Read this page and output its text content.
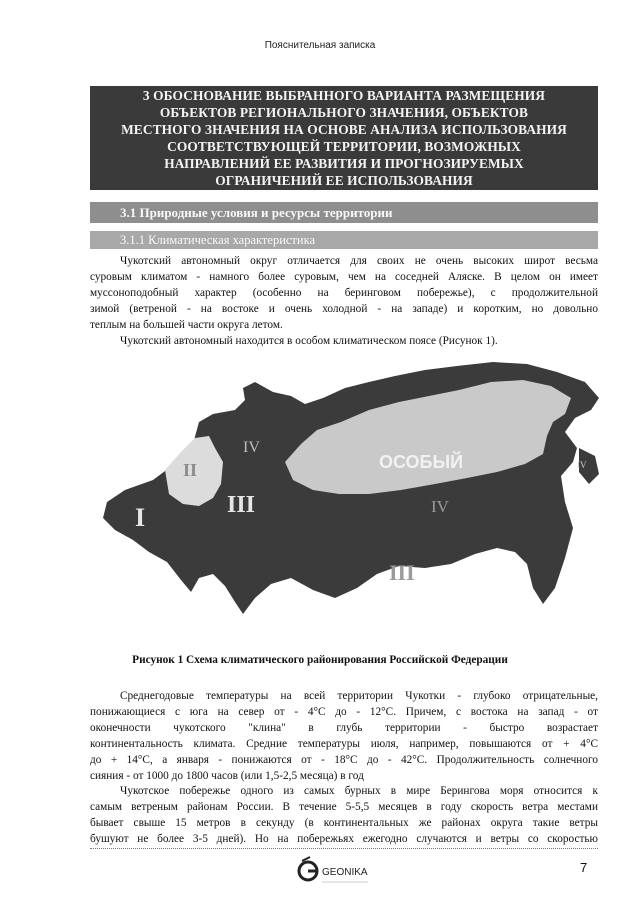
Пояснительная записка
3 ОБОСНОВАНИЕ ВЫБРАННОГО ВАРИАНТА РАЗМЕЩЕНИЯ
ОБЪЕКТОВ РЕГИОНАЛЬНОГО ЗНАЧЕНИЯ, ОБЪЕКТОВ
МЕСТНОГО ЗНАЧЕНИЯ НА ОСНОВЕ АНАЛИЗА ИСПОЛЬЗОВАНИЯ
СООТВЕТСТВУЮЩЕЙ ТЕРРИТОРИИ, ВОЗМОЖНЫХ
НАПРАВЛЕНИЙ ЕЕ РАЗВИТИЯ И ПРОГНОЗИРУЕМЫХ
ОГРАНИЧЕНИЙ ЕЕ ИСПОЛЬЗОВАНИЯ
3.1 Природные условия и ресурсы территории
3.1.1 Климатическая характеристика
Чукотский автономный округ отличается для своих не очень высоких широт весьма
суровым климатом - намного более суровым, чем на соседней Аляске. В целом он имеет
муссоноподобный характер (особенно на беринговом побережье), с продолжительной
зимой (ветреной - на востоке и очень холодной - на западе) и коротким, но довольно
теплым на большей части округа летом.
Чукотский автономный находится в особом климатическом поясе (Рисунок 1).
I
II
III
IV
ОСОБЫЙ
IV
III
IV
Рисунок 1 Схема климатического районирования Российской Федерации
Среднегодовые температуры на всей территории Чукотки - глубоко отрицательные,
понижающиеся с юга на север от - 4°С до - 12°С. Причем, с востока на запад - от
оконечности чукотского "клина" в глубь территории - быстро возрастает
континентальность климата. Средние температуры июля, например, повышаются от + 4°С
до + 14°С, а января - понижаются от - 18°С до - 42°С. Продолжительность солнечного
сияния - от 1000 до 1800 часов (или 1,5-2,5 месяца) в год
Чукотское побережье одного из самых бурных в мире Берингова моря относится к
самым ветреным районам России. В течение 5-5,5 месяцев в году скорость ветра местами
бывает свыше 15 метров в секунду (в континентальных же районах округа такие ветры
бушуют не более 3-5 дней). Но на побережьях ежегодно случаются и ветры со скоростью
GEONIKA	7
